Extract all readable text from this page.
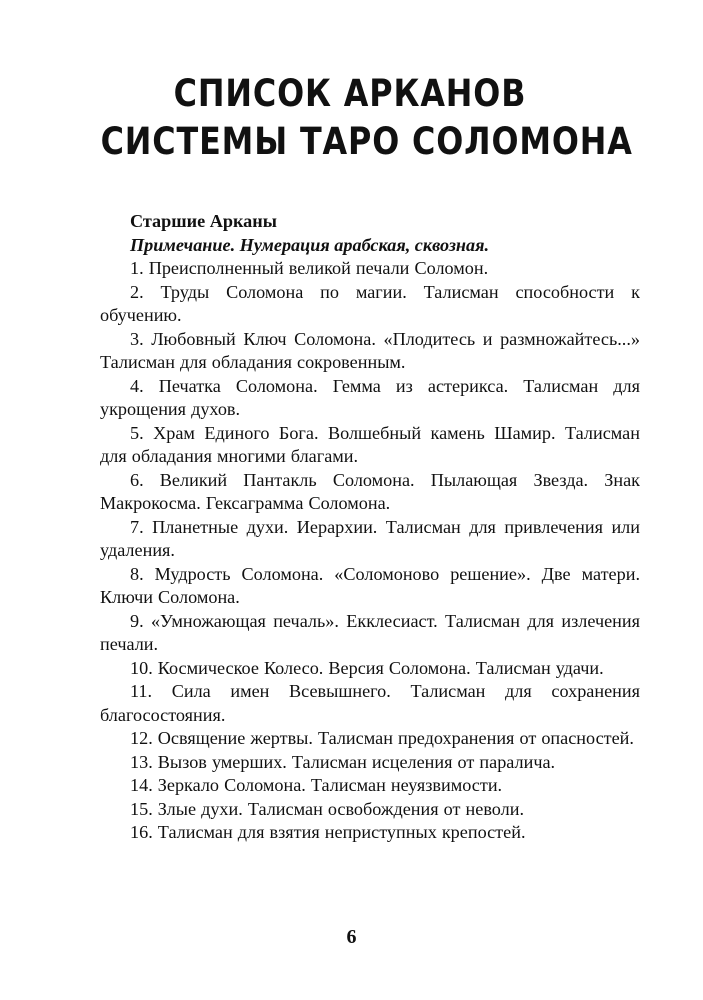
СПИСОК АРКАНОВ
СИСТЕМЫ ТАРО СОЛОМОНА
Старшие Арканы
Примечание. Нумерация арабская, сквозная.
1. Преисполненный великой печали Соломон.
2. Труды Соломона по магии. Талисман способности к обучению.
3. Любовный Ключ Соломона. «Плодитесь и размножайтесь...» Талисман для обладания сокровенным.
4. Печатка Соломона. Гемма из астерикса. Талисман для укрощения духов.
5. Храм Единого Бога. Волшебный камень Шамир. Талисман для обладания многими благами.
6. Великий Пантакль Соломона. Пылающая Звезда. Знак Макрокосма. Гексаграмма Соломона.
7. Планетные духи. Иерархии. Талисман для привлечения или удаления.
8. Мудрость Соломона. «Соломоново решение». Две матери. Ключи Соломона.
9. «Умножающая печаль». Екклесиаст. Талисман для излечения печали.
10. Космическое Колесо. Версия Соломона. Талисман удачи.
11. Сила имен Всевышнего. Талисман для сохранения благосостояния.
12. Освящение жертвы. Талисман предохранения от опасностей.
13. Вызов умерших. Талисман исцеления от паралича.
14. Зеркало Соломона. Талисман неуязвимости.
15. Злые духи. Талисман освобождения от неволи.
16. Талисман для взятия неприступных крепостей.
6
